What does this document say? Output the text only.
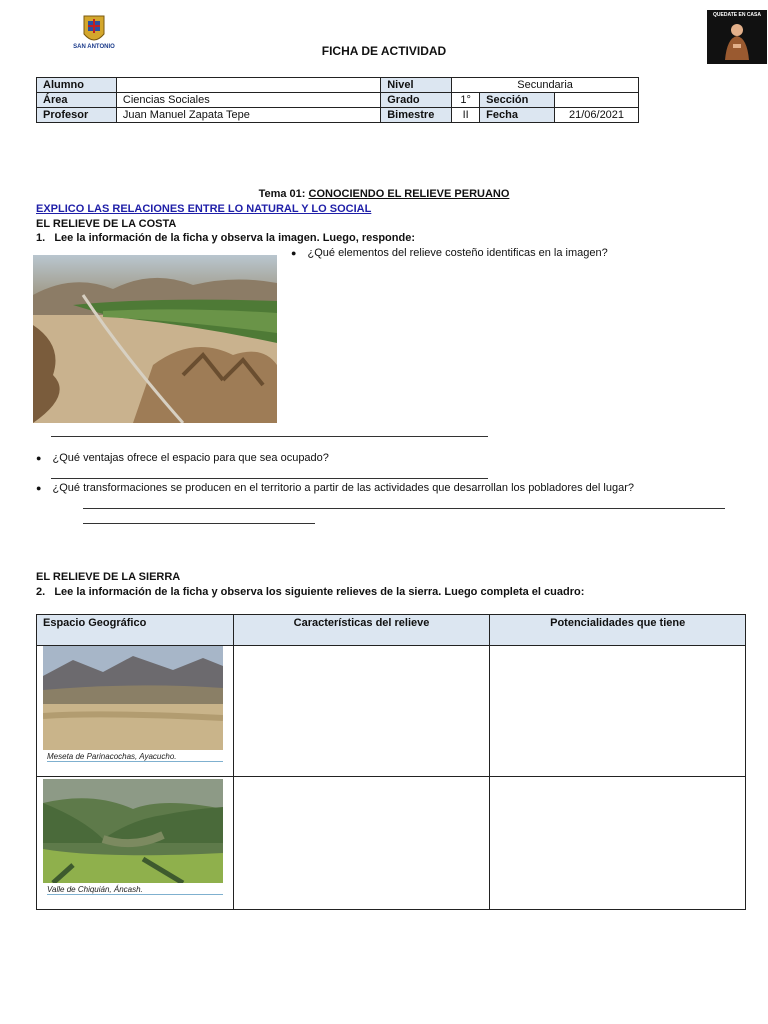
SAN ANTONIO	FICHA DE ACTIVIDAD
QUEDATE EN CASA
Alumno		Nivel	Secundaria		
Área	Ciencias Sociales	Grado	1°	Sección	
Profesor	Juan Manuel Zapata Tepe	Bimestre	II	Fecha	21/06/2021
Tema 01: CONOCIENDO EL RELIEVE PERUANO
EXPLICO LAS RELACIONES ENTRE LO NATURAL Y LO SOCIAL
EL RELIEVE DE LA COSTA
1.   Lee la información de la ficha y observa la imagen. Luego, responde:
● ¿Qué elementos del relieve costeño identificas en la imagen?
● ¿Qué ventajas ofrece el espacio para que sea ocupado?
● ¿Qué transformaciones se producen en el territorio a partir de las actividades que desarrollan los pobladores del lugar?
EL RELIEVE DE LA SIERRA
2.   Lee la información de la ficha y observa los siguiente relieves de la sierra. Luego completa el cuadro:
Espacio Geográfico	Características del relieve	Potencialidades que tiene

Meseta de Parinacochas, Ayacucho.		

Valle de Chiquián, Áncash.		
